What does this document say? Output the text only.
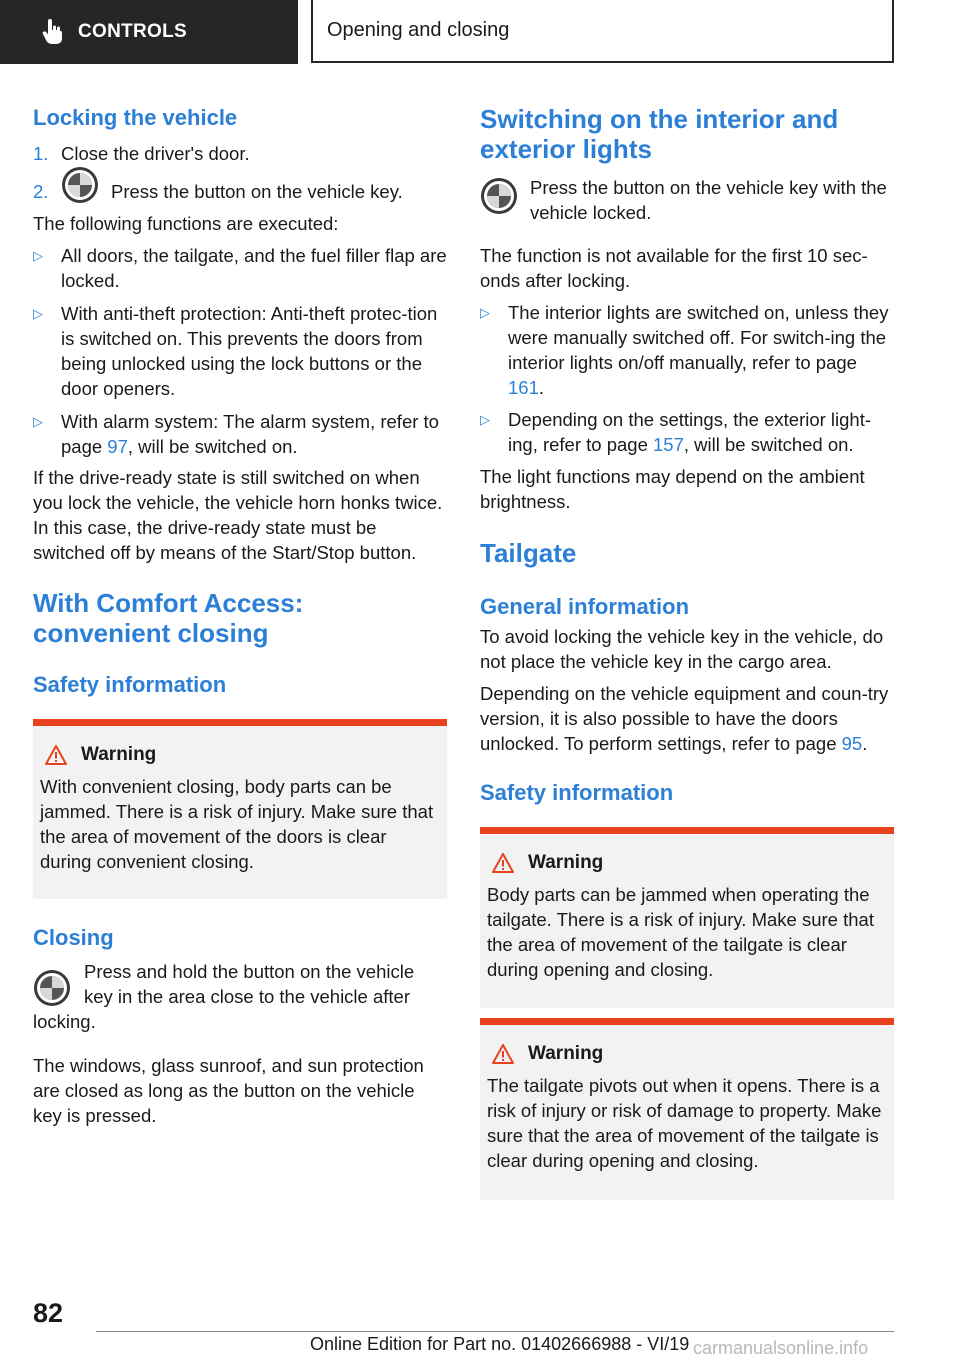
CONTROLS	Opening and closing
Locking the vehicle
1. Close the driver's door.
2.	Press the button on the vehicle key.

The following functions are executed:

▷ All doors, the tailgate, and the fuel filler flap are locked.
▷ With anti-theft protection: Anti-theft protec-tion is switched on. This prevents the doors from being unlocked using the lock buttons or the door openers.
▷ With alarm system: The alarm system, refer to page 97, will be switched on.

If the drive-ready state is still switched on when you lock the vehicle, the vehicle horn honks twice. In this case, the drive-ready state must be switched off by means of the Start/Stop button.

With Comfort Access:
convenient closing
Safety information
Warning

With convenient closing, body parts can be jammed. There is a risk of injury. Make sure that the area of movement of the doors is clear during convenient closing.

Closing
Press and hold the button on the vehicle key in the area close to the vehicle after locking.

The windows, glass sunroof, and sun protection are closed as long as the button on the vehicle key is pressed.

Switching on the interior and
exterior lights
Press the button on the vehicle key with the vehicle locked.

The function is not available for the first 10 sec-onds after locking.

▷ The interior lights are switched on, unless they were manually switched off. For switch-ing the interior lights on/off manually, refer to page 161.
▷ Depending on the settings, the exterior light-ing, refer to page 157, will be switched on.

The light functions may depend on the ambient brightness.

Tailgate
General information

To avoid locking the vehicle key in the vehicle, do not place the vehicle key in the cargo area.

Depending on the vehicle equipment and coun-try version, it is also possible to have the doors unlocked. To perform settings, refer to page 95.

Safety information
Warning

Body parts can be jammed when operating the tailgate. There is a risk of injury. Make sure that the area of movement of the tailgate is clear during opening and closing.

Warning

The tailgate pivots out when it opens. There is a risk of injury or risk of damage to property. Make sure that the area of movement of the tailgate is clear during opening and closing.

82
Online Edition for Part no. 01402666988 - VI/19 carmanualsonline.info
